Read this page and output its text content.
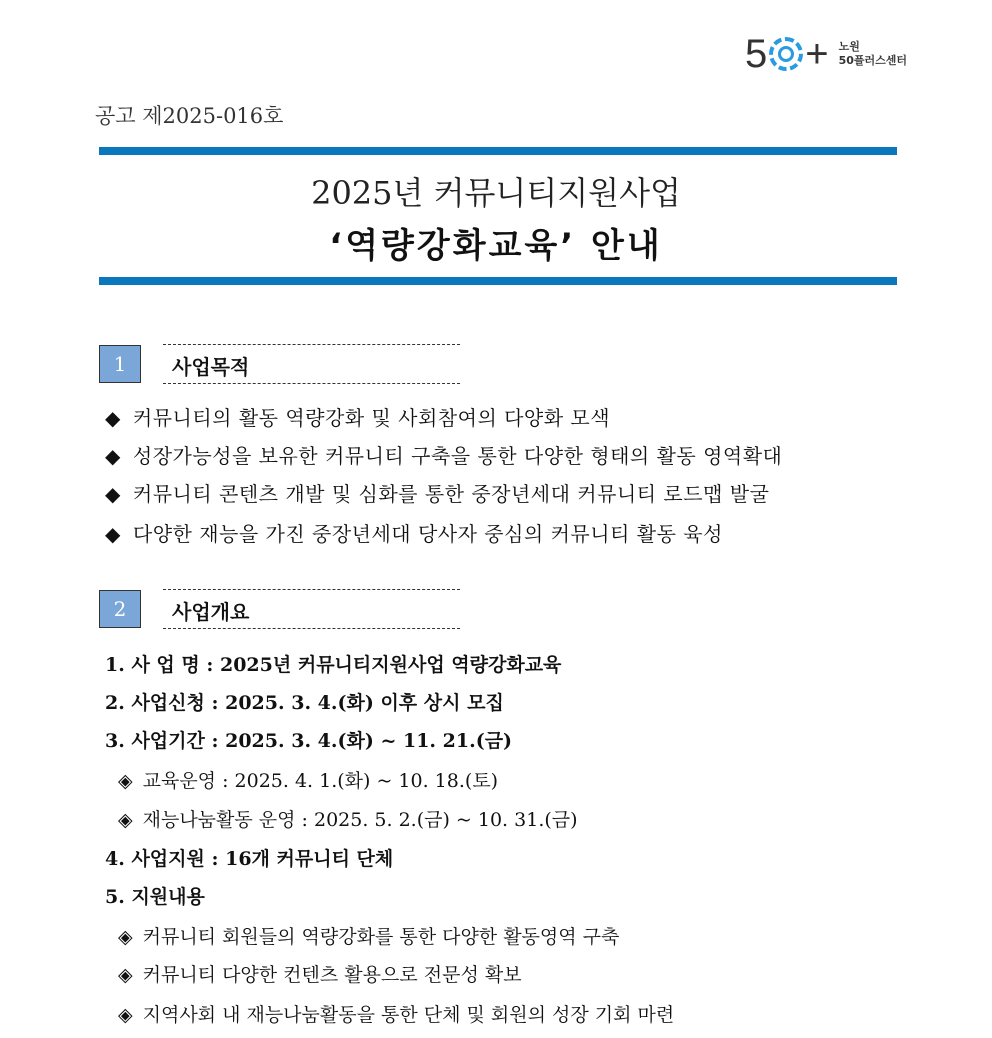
5 + 노원
50플러스센터
공고 제2025-016호
2025년 커뮤니티지원사업
‘역량강화교육’ 안내
1	사업목적
◆ 커뮤니티의 활동 역량강화 및 사회참여의 다양화 모색
◆ 성장가능성을 보유한 커뮤니티 구축을 통한 다양한 형태의 활동 영역확대
◆ 커뮤니티 콘텐츠 개발 및 심화를 통한 중장년세대 커뮤니티 로드맵 발굴
◆ 다양한 재능을 가진 중장년세대 당사자 중심의 커뮤니티 활동 육성
2	사업개요
1. 사 업 명 : 2025년 커뮤니티지원사업 역량강화교육
2. 사업신청 : 2025. 3. 4.(화) 이후 상시 모집
3. 사업기간 : 2025. 3. 4.(화) ~ 11. 21.(금)
◈ 교육운영 : 2025. 4. 1.(화) ~ 10. 18.(토)
◈ 재능나눔활동 운영 : 2025. 5. 2.(금) ~ 10. 31.(금)
4. 사업지원 : 16개 커뮤니티 단체
5. 지원내용
◈ 커뮤니티 회원들의 역량강화를 통한 다양한 활동영역 구축
◈ 커뮤니티 다양한 컨텐츠 활용으로 전문성 확보
◈ 지역사회 내 재능나눔활동을 통한 단체 및 회원의 성장 기회 마련
